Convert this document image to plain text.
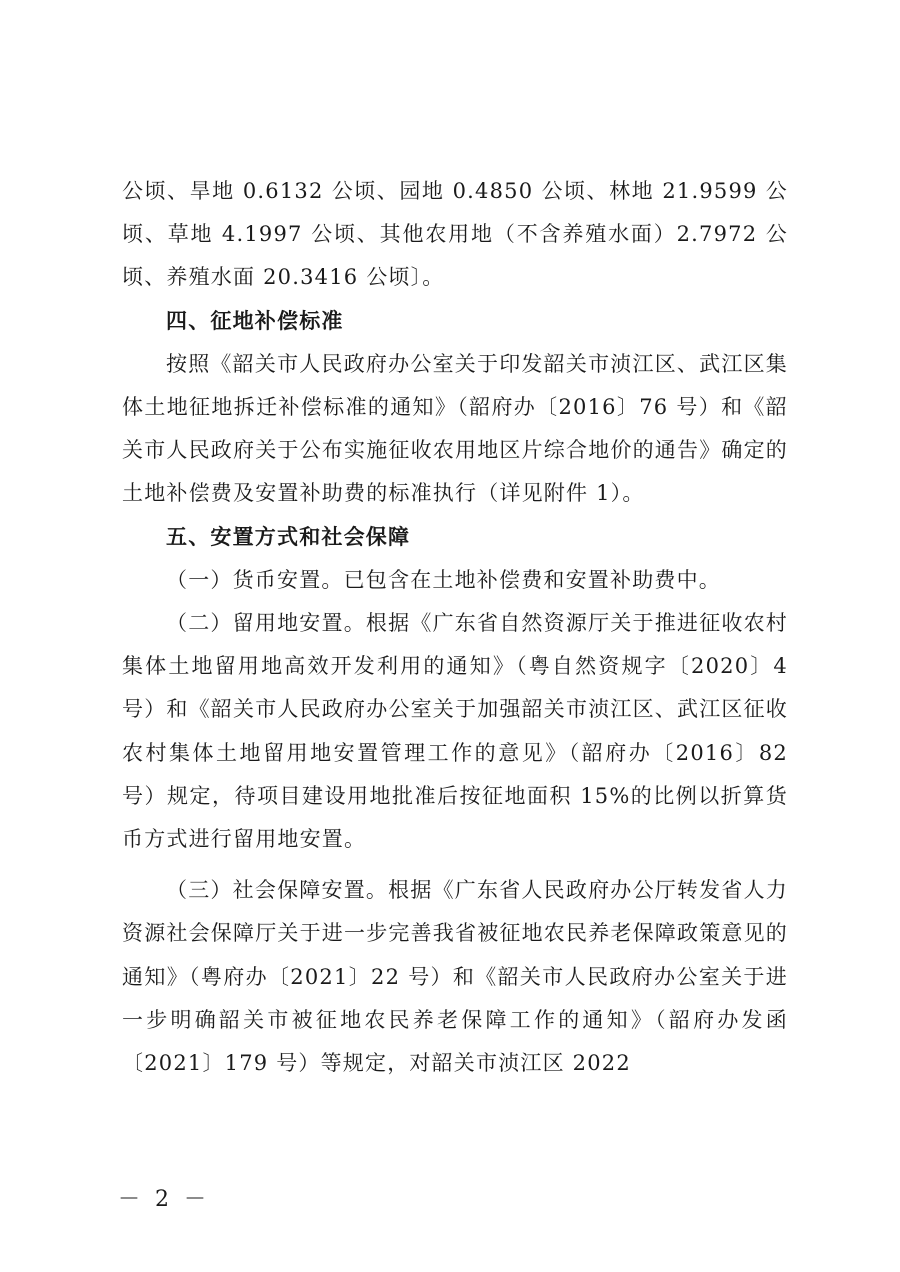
公顷、旱地 0.6132 公顷、园地 0.4850 公顷、林地 21.9599 公顷、草地 4.1997 公顷、其他农用地（不含养殖水面）2.7972 公顷、养殖水面 20.3416 公顷〕。

四、征地补偿标准

按照《韶关市人民政府办公室关于印发韶关市浈江区、武江区集体土地征地拆迁补偿标准的通知》（韶府办〔2016〕76 号）和《韶关市人民政府关于公布实施征收农用地区片综合地价的通告》确定的土地补偿费及安置补助费的标准执行（详见附件 1）。

五、安置方式和社会保障

（一）货币安置。已包含在土地补偿费和安置补助费中。

（二）留用地安置。根据《广东省自然资源厅关于推进征收农村集体土地留用地高效开发利用的通知》（粤自然资规字〔2020〕4 号）和《韶关市人民政府办公室关于加强韶关市浈江区、武江区征收农村集体土地留用地安置管理工作的意见》（韶府办〔2016〕82 号）规定，待项目建设用地批准后按征地面积 15%的比例以折算货币方式进行留用地安置。

（三）社会保障安置。根据《广东省人民政府办公厅转发省人力资源社会保障厅关于进一步完善我省被征地农民养老保障政策意见的通知》（粤府办〔2021〕22 号）和《韶关市人民政府办公室关于进一步明确韶关市被征地农民养老保障工作的通知》（韶府办发函〔2021〕179 号）等规定，对韶关市浈江区 2022

－ 2 －
